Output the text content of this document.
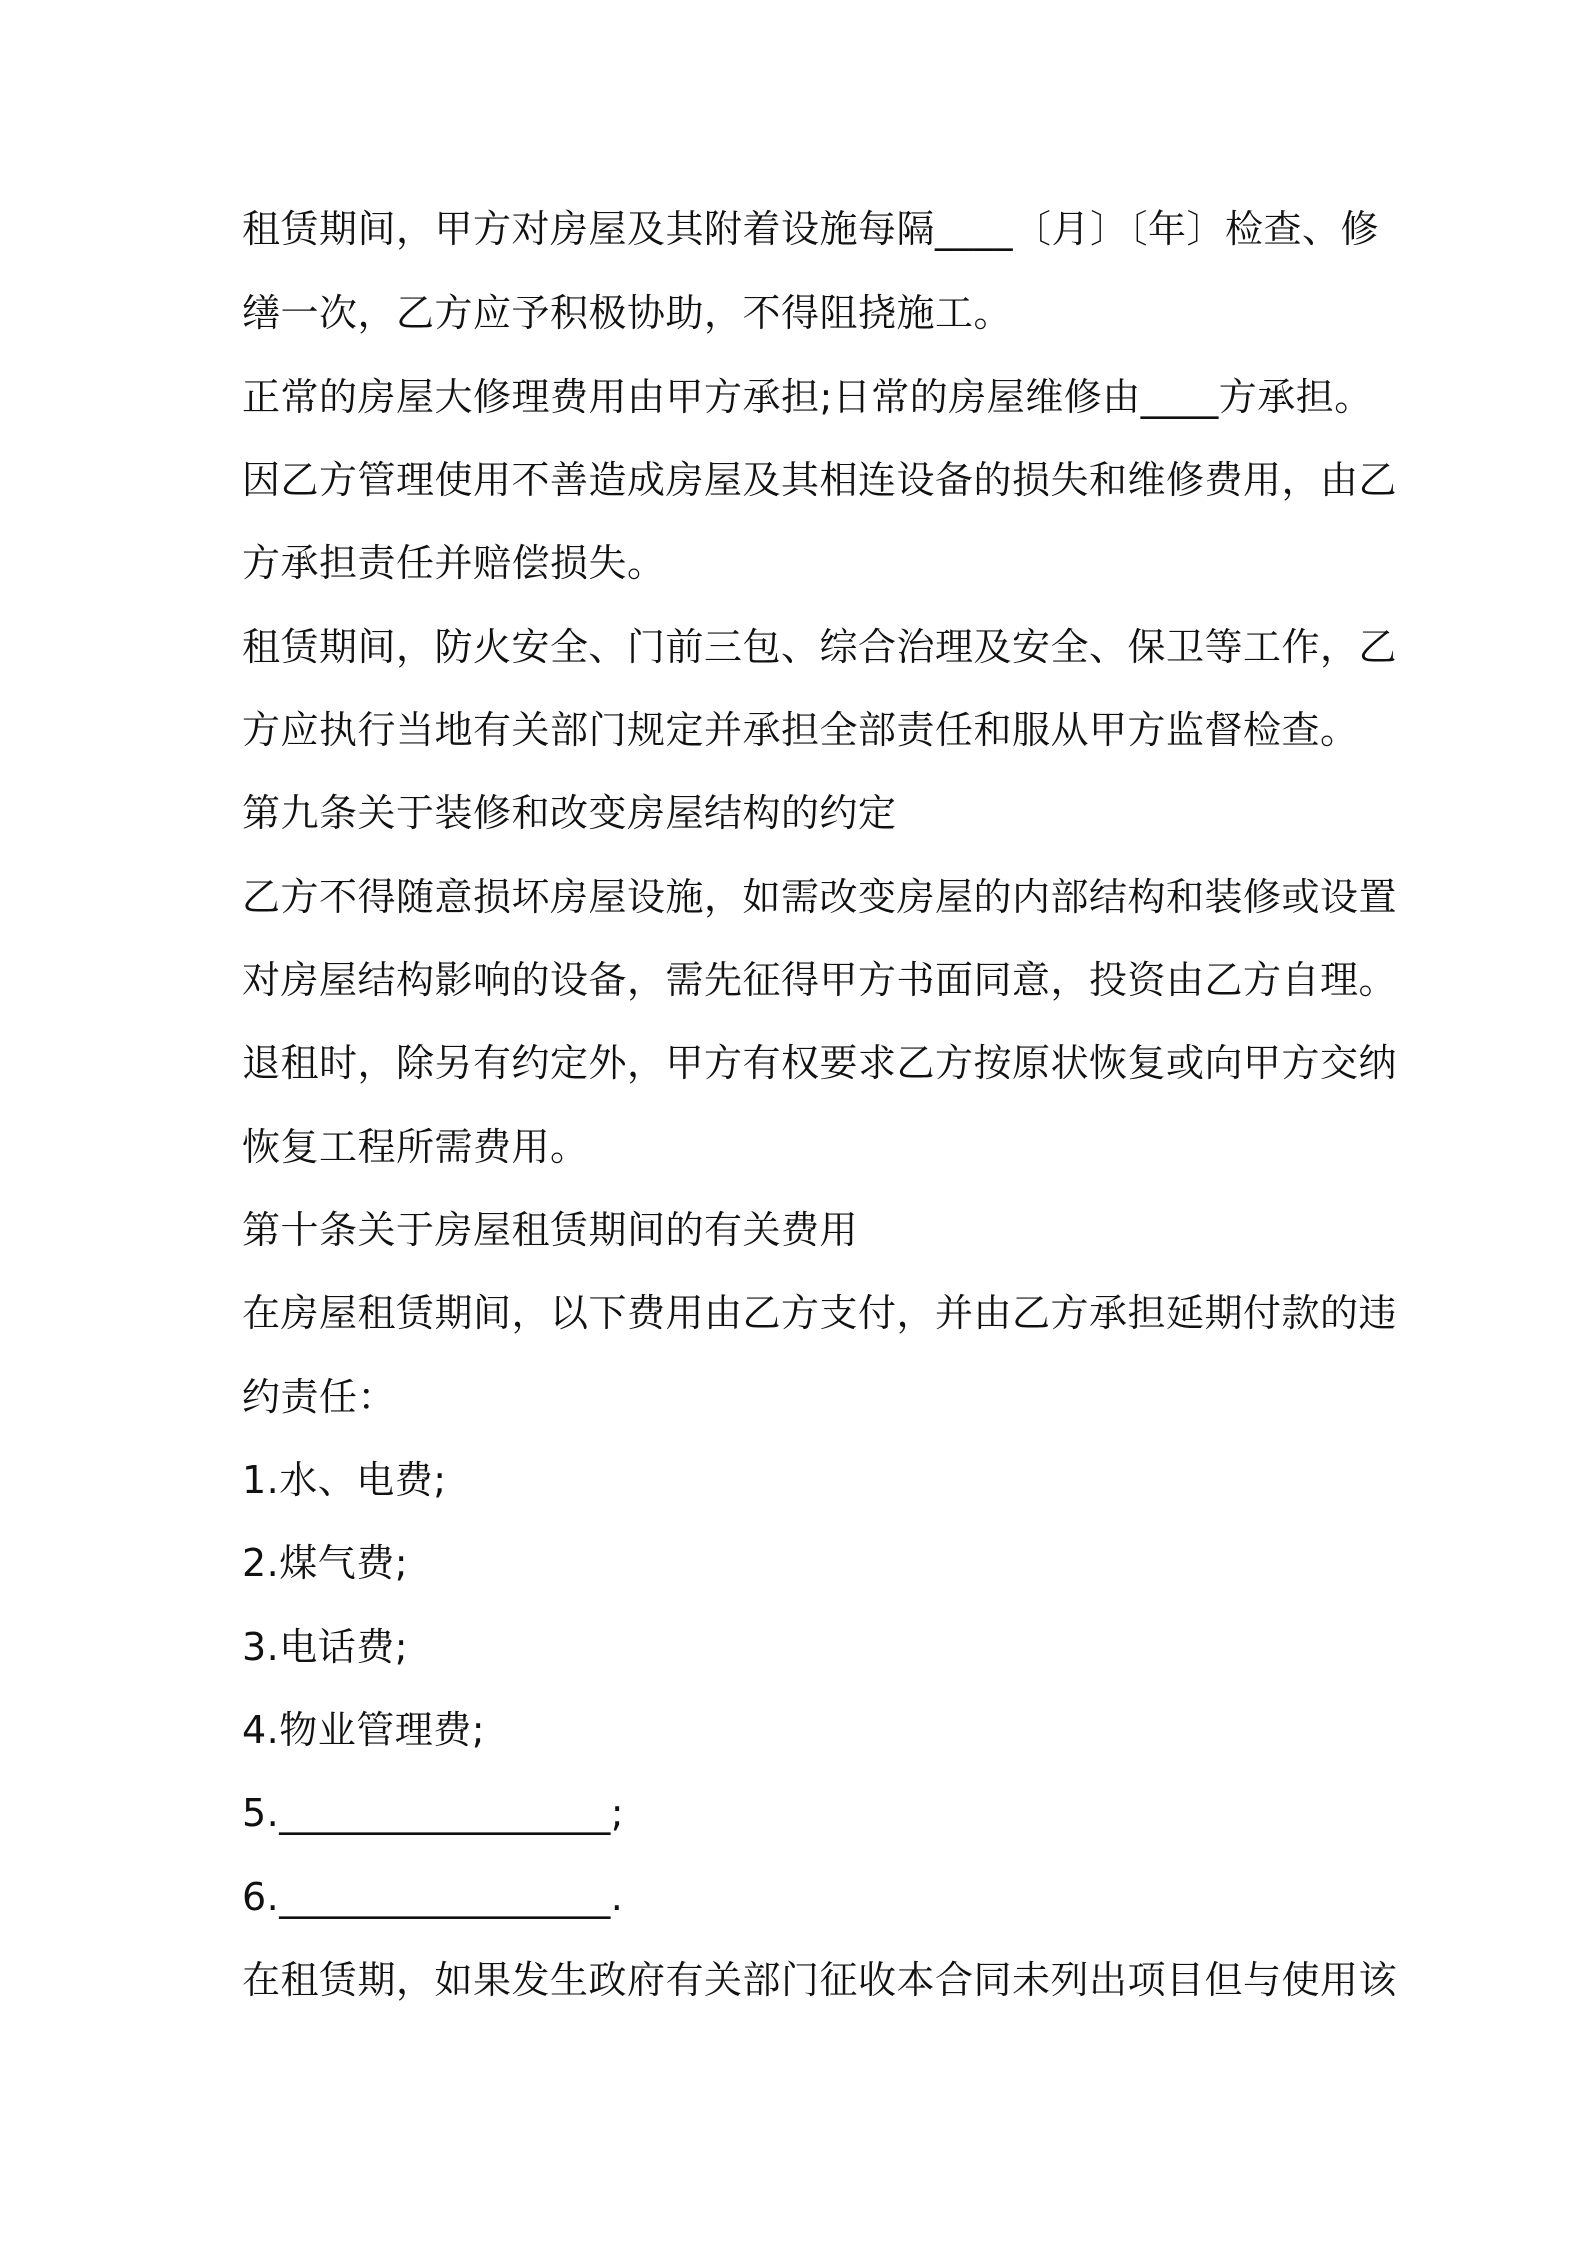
租赁期间，甲方对房屋及其附着设施每隔____〔月〕〔年〕检查、修
缮一次，乙方应予积极协助，不得阻挠施工。
正常的房屋大修理费用由甲方承担;日常的房屋维修由____方承担。
因乙方管理使用不善造成房屋及其相连设备的损失和维修费用，由乙
方承担责任并赔偿损失。
租赁期间，防火安全、门前三包、综合治理及安全、保卫等工作，乙
方应执行当地有关部门规定并承担全部责任和服从甲方监督检查。
第九条关于装修和改变房屋结构的约定
乙方不得随意损坏房屋设施，如需改变房屋的内部结构和装修或设置
对房屋结构影响的设备，需先征得甲方书面同意，投资由乙方自理。
退租时，除另有约定外，甲方有权要求乙方按原状恢复或向甲方交纳
恢复工程所需费用。
第十条关于房屋租赁期间的有关费用
在房屋租赁期间，以下费用由乙方支付，并由乙方承担延期付款的违
约责任：
1.水、电费;
2.煤气费;
3.电话费;
4.物业管理费;
5._________________;
6._________________.
在租赁期，如果发生政府有关部门征收本合同未列出项目但与使用该
